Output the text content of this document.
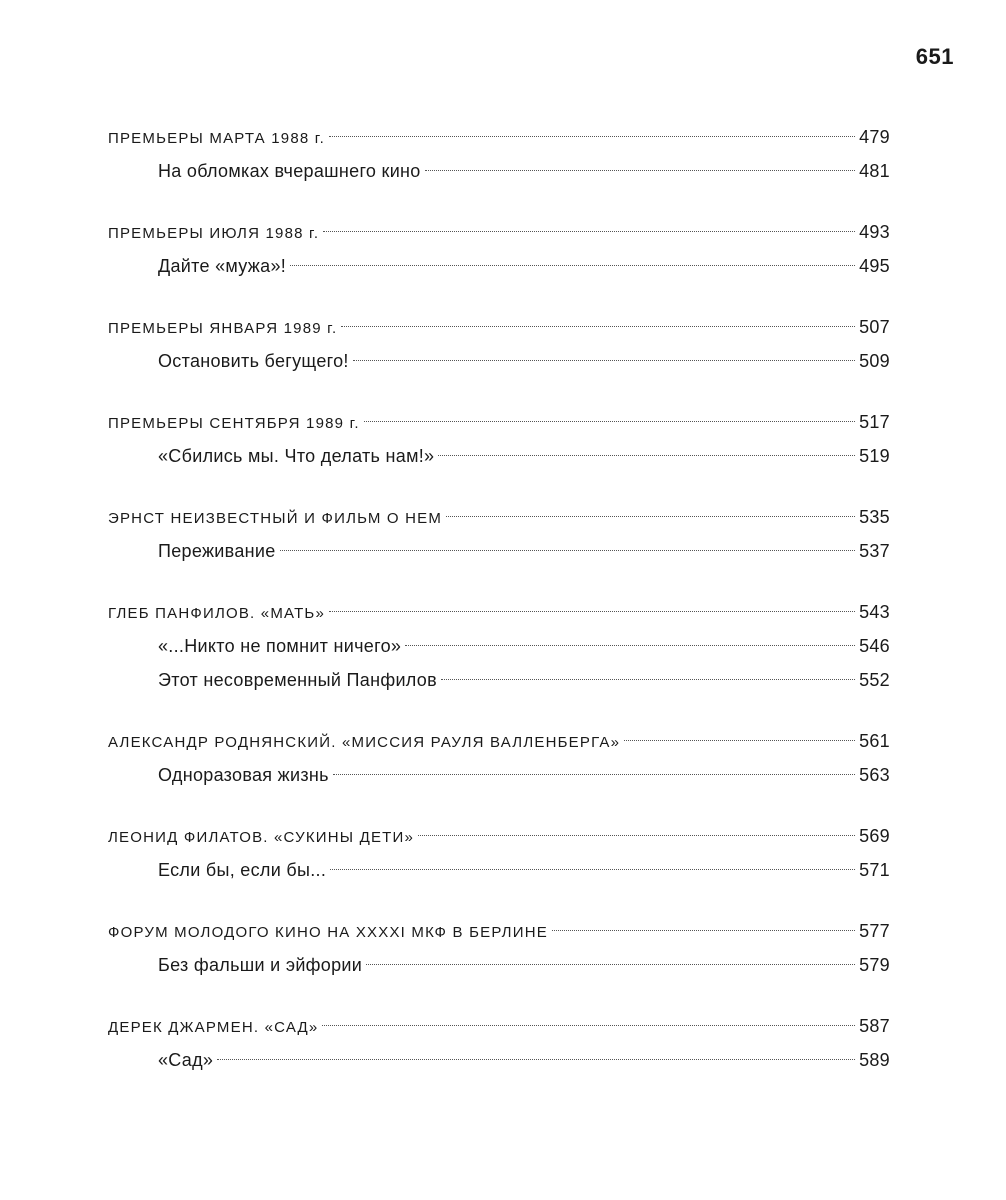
651
ПРЕМЬЕРЫ МАРТА 1988 г.	479
На обломках вчерашнего кино	481
ПРЕМЬЕРЫ ИЮЛЯ 1988 г.	493
Дайте «мужа»!	495
ПРЕМЬЕРЫ ЯНВАРЯ 1989 г.	507
Остановить бегущего!	509
ПРЕМЬЕРЫ СЕНТЯБРЯ 1989 г.	517
«Сбились мы. Что делать нам!»	519
ЭРНСТ НЕИЗВЕСТНЫЙ И ФИЛЬМ О НЕМ	535
Переживание	537
ГЛЕБ ПАНФИЛОВ. «МАТЬ»	543
«...Никто не помнит ничего»	546
Этот несовременный Панфилов	552
АЛЕКСАНДР РОДНЯНСКИЙ. «МИССИЯ РАУЛЯ ВАЛЛЕНБЕРГА»	561
Одноразовая жизнь	563
ЛЕОНИД ФИЛАТОВ. «СУКИНЫ ДЕТИ»	569
Если бы, если бы...	571
ФОРУМ МОЛОДОГО КИНО НА XXXXI МКФ В БЕРЛИНЕ	577
Без фальши и эйфории	579
ДЕРЕК ДЖАРМЕН. «САД»	587
«Сад»	589
